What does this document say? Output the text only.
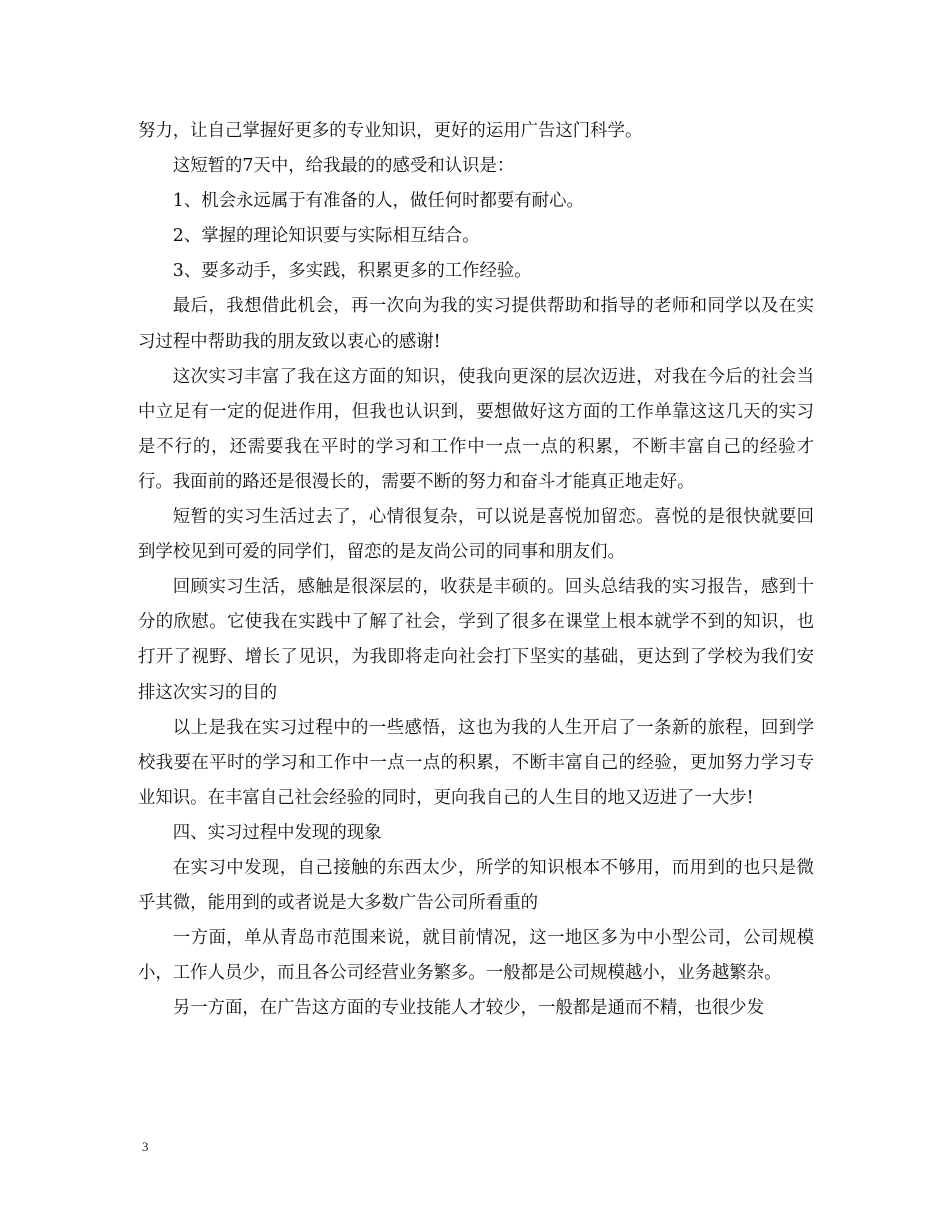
努力，让自己掌握好更多的专业知识，更好的运用广告这门科学。

这短暂的7天中，给我最的的感受和认识是：

1、机会永远属于有准备的人，做任何时都要有耐心。

2、掌握的理论知识要与实际相互结合。

3、要多动手，多实践，积累更多的工作经验。

最后，我想借此机会，再一次向为我的实习提供帮助和指导的老师和同学以及在实习过程中帮助我的朋友致以衷心的感谢!

这次实习丰富了我在这方面的知识，使我向更深的层次迈进，对我在今后的社会当中立足有一定的促进作用，但我也认识到，要想做好这方面的工作单靠这这几天的实习是不行的，还需要我在平时的学习和工作中一点一点的积累，不断丰富自己的经验才行。我面前的路还是很漫长的，需要不断的努力和奋斗才能真正地走好。

短暂的实习生活过去了，心情很复杂，可以说是喜悦加留恋。喜悦的是很快就要回到学校见到可爱的同学们，留恋的是友尚公司的同事和朋友们。

回顾实习生活，感触是很深层的，收获是丰硕的。回头总结我的实习报告，感到十分的欣慰。它使我在实践中了解了社会，学到了很多在课堂上根本就学不到的知识，也打开了视野、增长了见识，为我即将走向社会打下坚实的基础，更达到了学校为我们安排这次实习的目的

以上是我在实习过程中的一些感悟，这也为我的人生开启了一条新的旅程，回到学校我要在平时的学习和工作中一点一点的积累，不断丰富自己的经验，更加努力学习专业知识。在丰富自己社会经验的同时，更向我自己的人生目的地又迈进了一大步!

四、实习过程中发现的现象

在实习中发现，自己接触的东西太少，所学的知识根本不够用，而用到的也只是微乎其微，能用到的或者说是大多数广告公司所看重的

一方面，单从青岛市范围来说，就目前情况，这一地区多为中小型公司，公司规模小，工作人员少，而且各公司经营业务繁多。一般都是公司规模越小，业务越繁杂。

另一方面，在广告这方面的专业技能人才较少，一般都是通而不精，也很少发

3
